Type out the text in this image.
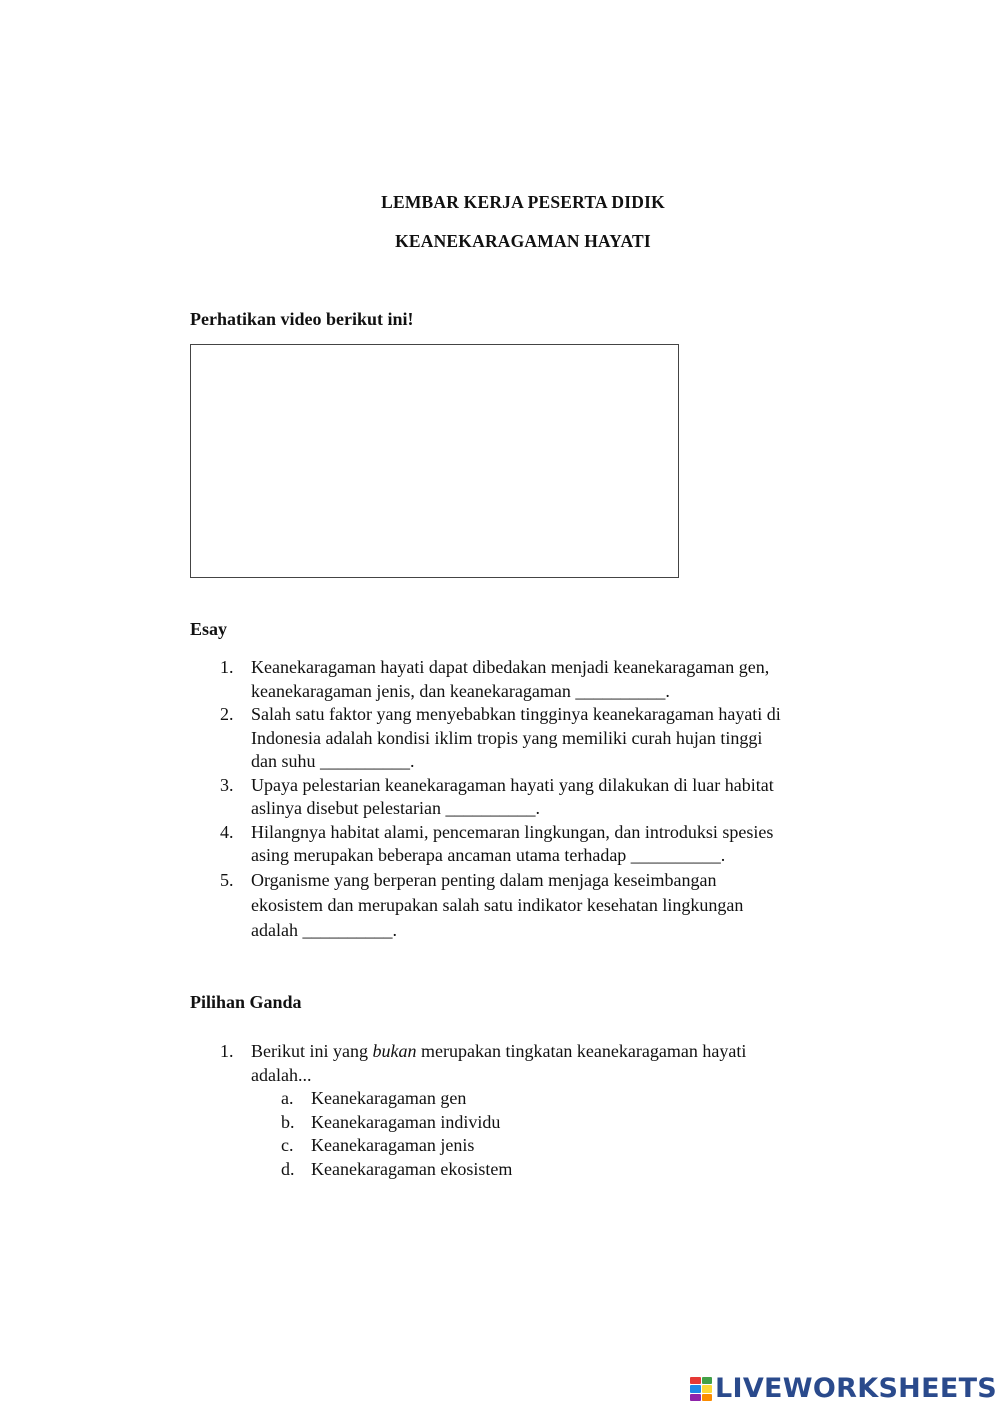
LEMBAR KERJA PESERTA DIDIK
KEANEKARAGAMAN HAYATI
Perhatikan video berikut ini!
Esay
1. Keanekaragaman hayati dapat dibedakan menjadi keanekaragaman gen,
keanekaragaman jenis, dan keanekaragaman __________.
2. Salah satu faktor yang menyebabkan tingginya keanekaragaman hayati di
Indonesia adalah kondisi iklim tropis yang memiliki curah hujan tinggi
dan suhu __________.
3. Upaya pelestarian keanekaragaman hayati yang dilakukan di luar habitat
aslinya disebut pelestarian __________.
4. Hilangnya habitat alami, pencemaran lingkungan, dan introduksi spesies
asing merupakan beberapa ancaman utama terhadap __________.
5. Organisme yang berperan penting dalam menjaga keseimbangan
ekosistem dan merupakan salah satu indikator kesehatan lingkungan
adalah __________.
Pilihan Ganda
1. Berikut ini yang bukan merupakan tingkatan keanekaragaman hayati
adalah...
a. Keanekaragaman gen
b. Keanekaragaman individu
c. Keanekaragaman jenis
d. Keanekaragaman ekosistem
LIVEWORKSHEETS
